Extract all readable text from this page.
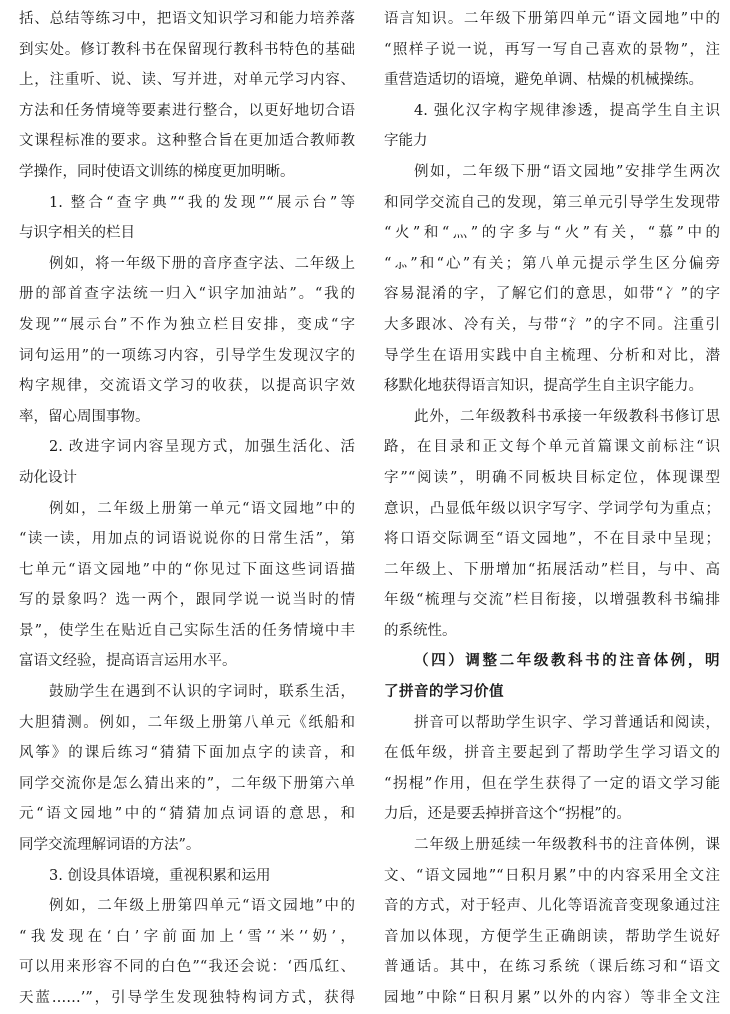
括、总结等练习中，把语文知识学习和能力培养落
到实处。修订教科书在保留现行教科书特色的基础
上，注重听、说、读、写并进，对单元学习内容、
方法和任务情境等要素进行整合，以更好地切合语
文课程标准的要求。这种整合旨在更加适合教师教
学操作，同时使语文训练的梯度更加明晰。
1. 整合“查字典”“我的发现”“展示台”等
与识字相关的栏目
例如，将一年级下册的音序查字法、二年级上
册的部首查字法统一归入“识字加油站”。“我的
发现”“展示台”不作为独立栏目安排，变成“字
词句运用”的一项练习内容，引导学生发现汉字的
构字规律，交流语文学习的收获，以提高识字效
率，留心周围事物。
2. 改进字词内容呈现方式，加强生活化、活
动化设计
例如，二年级上册第一单元“语文园地”中的
“读一读，用加点的词语说说你的日常生活”，第
七单元“语文园地”中的“你见过下面这些词语描
写的景象吗？选一两个，跟同学说一说当时的情
景”，使学生在贴近自己实际生活的任务情境中丰
富语文经验，提高语言运用水平。
鼓励学生在遇到不认识的字词时，联系生活，
大胆猜测。例如，二年级上册第八单元《纸船和
风筝》的课后练习“猜猜下面加点字的读音，和
同学交流你是怎么猜出来的”，二年级下册第六单
元“语文园地”中的“猜猜加点词语的意思，和
同学交流理解词语的方法”。
3. 创设具体语境，重视积累和运用
例如，二年级上册第四单元“语文园地”中的
“我发现在‘白’字前面加上‘雪’‘米’‘奶’，
可以用来形容不同的白色”“我还会说：‘西瓜红、
天蓝……’”，引导学生发现独特构词方式，获得
语言知识。二年级下册第四单元“语文园地”中的
“照样子说一说，再写一写自己喜欢的景物”，注
重营造适切的语境，避免单调、枯燥的机械操练。
4. 强化汉字构字规律渗透，提高学生自主识
字能力
例如，二年级下册“语文园地”安排学生两次
和同学交流自己的发现，第三单元引导学生发现带
“火”和“灬”的字多与“火”有关，“慕”中的
“⺗”和“心”有关；第八单元提示学生区分偏旁
容易混淆的字，了解它们的意思，如带“冫”的字
大多跟冰、冷有关，与带“氵”的字不同。注重引
导学生在语用实践中自主梳理、分析和对比，潜
移默化地获得语言知识，提高学生自主识字能力。
此外，二年级教科书承接一年级教科书修订思
路，在目录和正文每个单元首篇课文前标注“识
字”“阅读”，明确不同板块目标定位，体现课型
意识，凸显低年级以识字写字、学词学句为重点；
将口语交际调至“语文园地”，不在目录中呈现；
二年级上、下册增加“拓展活动”栏目，与中、高
年级“梳理与交流”栏目衔接，以增强教科书编排
的系统性。
（四）调整二年级教科书的注音体例，明
了拼音的学习价值
拼音可以帮助学生识字、学习普通话和阅读，
在低年级，拼音主要起到了帮助学生学习语文的
“拐棍”作用，但在学生获得了一定的语文学习能
力后，还是要丢掉拼音这个“拐棍”的。
二年级上册延续一年级教科书的注音体例，课
文、“语文园地”“日积月累”中的内容采用全文注
音的方式，对于轻声、儿化等语流音变现象通过注
音加以体现，方便学生正确朗读，帮助学生说好
普通话。其中，在练习系统（课后练习和“语文
园地”中除“日积月累”以外的内容）等非全文注
